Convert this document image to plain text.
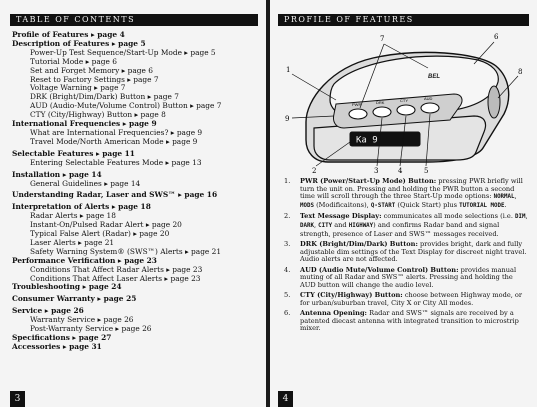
TABLE OF CONTENTS
Profile of Features ▸ page 4
Description of Features ▸ page 5
Power-Up Test Sequence/Start-Up Mode ▸ page 5
Tutorial Mode ▸ page 6
Set and Forget Memory ▸ page 6
Reset to Factory Settings ▸ page 7
Voltage Warning ▸ page 7
DRK (Bright/Dim/Dark) Button ▸ page 7
AUD (Audio-Mute/Volume Control) Button ▸ page 7
CTY (City/Highway) Button ▸ page 8
International Frequencies ▸ page 9
What are International Frequencies? ▸ page 9
Travel Mode/North American Mode ▸ page 9
Selectable Features ▸ page 11
Entering Selectable Features Mode ▸ page 13
Installation ▸ page 14
General Guidelines ▸ page 14
Understanding Radar, Laser and SWS™ ▸ page 16
Interpretation of Alerts ▸ page 18
Radar Alerts ▸ page 18
Instant-On/Pulsed Radar Alert ▸ page 20
Typical False Alert (Radar) ▸ page 20
Laser Alerts ▸ page 21
Safety Warning System® (SWS™) Alerts ▸ page 21
Performance Verification ▸ page 23
Conditions That Affect Radar Alerts ▸ page 23
Conditions That Affect Laser Alerts ▸ page 23
Troubleshooting ▸ page 24
Consumer Warranty ▸ page 25
Service ▸ page 26
Warranty Service ▸ page 26
Post-Warranty Service ▸ page 26
Specifications ▸ page 27
Accessories ▸ page 31
3
PROFILE OF FEATURES
PWR	DRK	CTY	AUD
Ka 9
BEL
7	6
8
1
9
2	3	4	5
1.	PWR (Power/Start-Up Mode) Button: pressing PWR briefly will turn the unit on. Pressing and holding the PWR button a second time will scroll through the three Start-Up mode options: NORMAL, MODS (Modificaitons), Q-START (Quick Start) plus TUTORIAL MODE.
2.	Text Message Display: communicates all mode selections (i.e. DIM, DARK, CITY and HIGHWAY) and confirms Radar band and signal strength, presence of Laser and SWS™ messages received.
3.	DRK (Bright/Dim/Dark) Button: provides bright, dark and fully adjustable dim settings of the Text Display for discreet night travel. Audio alerts are not affected.
4.	AUD (Audio Mute/Volume Control) Button: provides manual muting of all Radar and SWS™ alerts. Pressing and holding the AUD button will change the audio level.
5.	CTY (City/Highway) Button: choose between Highway mode, or for urban/suburban travel, City X or City All modes.
6.	Antenna Opening: Radar and SWS™ signals are received by a patented diecast antenna with integrated transition to microstrip mixer.
4
